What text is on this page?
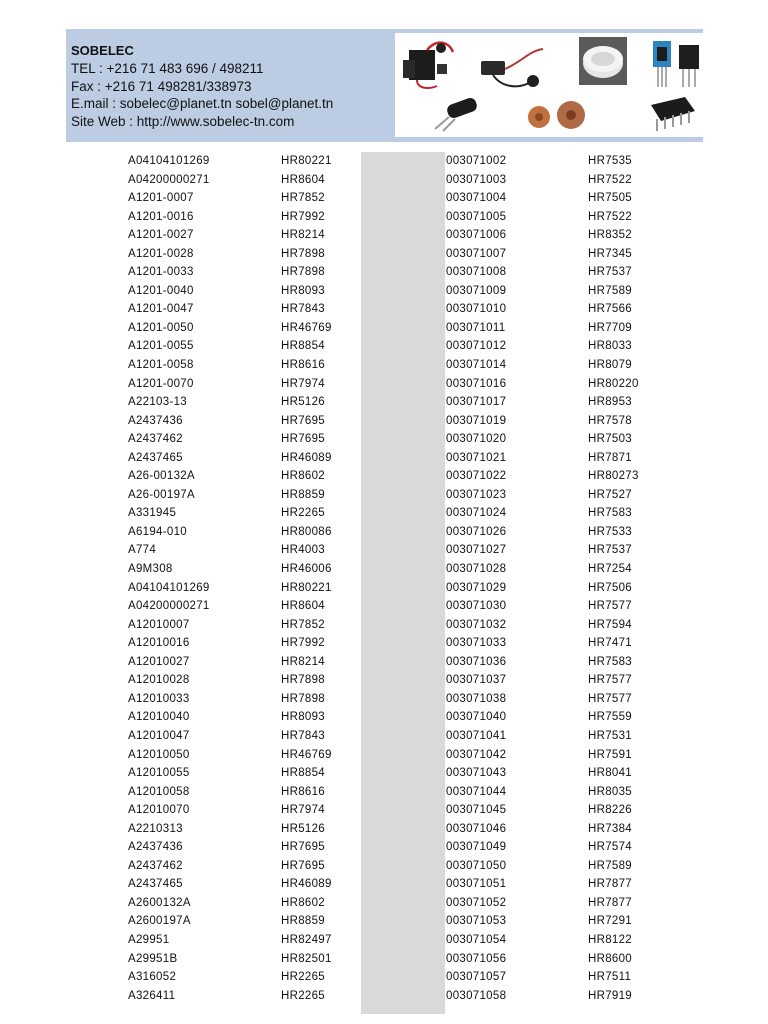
SOBELEC
TEL : +216 71 483 696 / 498211
Fax : +216 71 498281/338973
E.mail : sobelec@planet.tn sobel@planet.tn
Site Web : http://www.sobelec-tn.com
A04104101269
A04200000271
A1201-0007
A1201-0016
A1201-0027
A1201-0028
A1201-0033
A1201-0040
A1201-0047
A1201-0050
A1201-0055
A1201-0058
A1201-0070
A22103-13
A2437436
A2437462
A2437465
A26-00132A
A26-00197A
A331945
A6194-010
A774
A9M308
A04104101269
A04200000271
A12010007
A12010016
A12010027
A12010028
A12010033
A12010040
A12010047
A12010050
A12010055
A12010058
A12010070
A2210313
A2437436
A2437462
A2437465
A2600132A
A2600197A
A29951
A29951B
A316052
A326411
HR80221
HR8604
HR7852
HR7992
HR8214
HR7898
HR7898
HR8093
HR7843
HR46769
HR8854
HR8616
HR7974
HR5126
HR7695
HR7695
HR46089
HR8602
HR8859
HR2265
HR80086
HR4003
HR46006
HR80221
HR8604
HR7852
HR7992
HR8214
HR7898
HR7898
HR8093
HR7843
HR46769
HR8854
HR8616
HR7974
HR5126
HR7695
HR7695
HR46089
HR8602
HR8859
HR82497
HR82501
HR2265
HR2265
003071002
003071003
003071004
003071005
003071006
003071007
003071008
003071009
003071010
003071011
003071012
003071014
003071016
003071017
003071019
003071020
003071021
003071022
003071023
003071024
003071026
003071027
003071028
003071029
003071030
003071032
003071033
003071036
003071037
003071038
003071040
003071041
003071042
003071043
003071044
003071045
003071046
003071049
003071050
003071051
003071052
003071053
003071054
003071056
003071057
003071058
HR7535
HR7522
HR7505
HR7522
HR8352
HR7345
HR7537
HR7589
HR7566
HR7709
HR8033
HR8079
HR80220
HR8953
HR7578
HR7503
HR7871
HR80273
HR7527
HR7583
HR7533
HR7537
HR7254
HR7506
HR7577
HR7594
HR7471
HR7583
HR7577
HR7577
HR7559
HR7531
HR7591
HR8041
HR8035
HR8226
HR7384
HR7574
HR7589
HR7877
HR7877
HR7291
HR8122
HR8600
HR7511
HR7919
